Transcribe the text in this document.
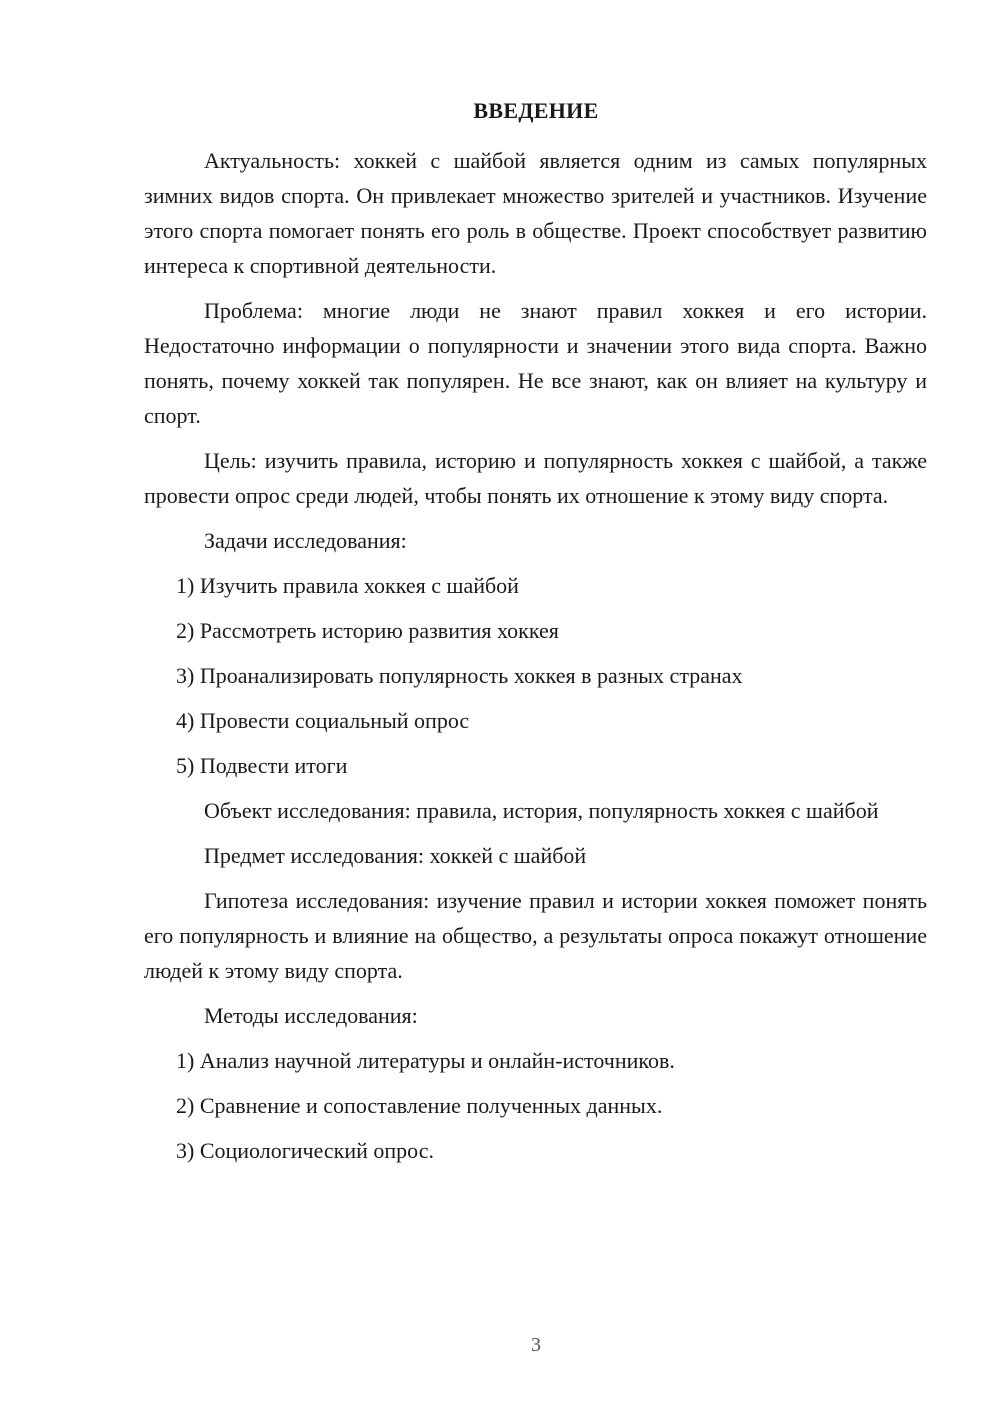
ВВЕДЕНИЕ

Актуальность: хоккей с шайбой является одним из самых популярных зимних видов спорта. Он привлекает множество зрителей и участников. Изучение этого спорта помогает понять его роль в обществе. Проект способствует развитию интереса к спортивной деятельности.

Проблема: многие люди не знают правил хоккея и его истории. Недостаточно информации о популярности и значении этого вида спорта. Важно понять, почему хоккей так популярен. Не все знают, как он влияет на культуру и спорт.

Цель: изучить правила, историю и популярность хоккея с шайбой, а также провести опрос среди людей, чтобы понять их отношение к этому виду спорта.

Задачи исследования:

1) Изучить правила хоккея с шайбой

2) Рассмотреть историю развития хоккея

3) Проанализировать популярность хоккея в разных странах

4) Провести социальный опрос

5) Подвести итоги

Объект исследования: правила, история, популярность хоккея с шайбой

Предмет исследования: хоккей с шайбой

Гипотеза исследования: изучение правил и истории хоккея поможет понять его популярность и влияние на общество, а результаты опроса покажут отношение людей к этому виду спорта.

Методы исследования:

1) Анализ научной литературы и онлайн-источников.

2) Сравнение и сопоставление полученных данных.

3) Социологический опрос.

3
